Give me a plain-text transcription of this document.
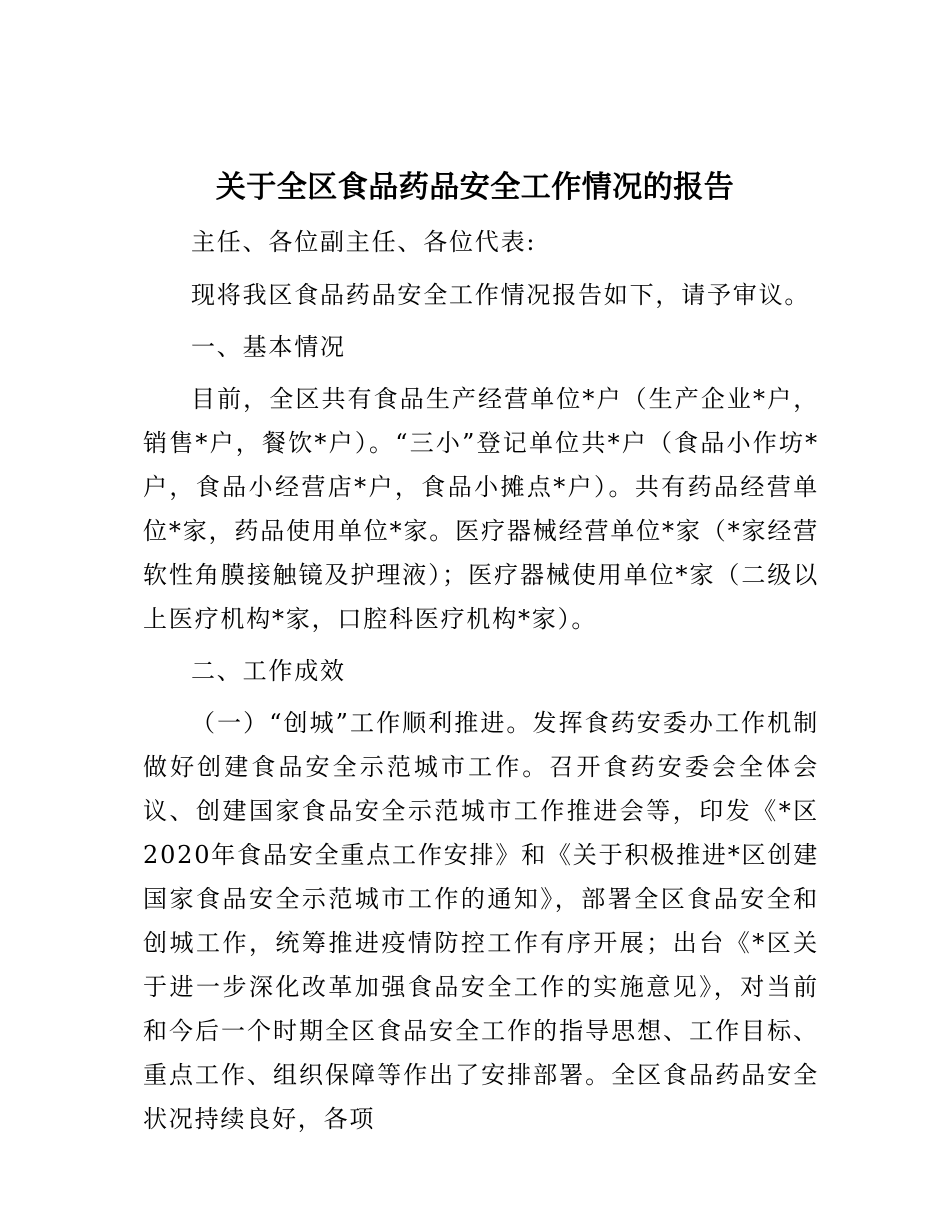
关于全区食品药品安全工作情况的报告

主任、各位副主任、各位代表:

现将我区食品药品安全工作情况报告如下，请予审议。

一、基本情况

目前，全区共有食品生产经营单位*户（生产企业*户，销售*户，餐饮*户）。“三小”登记单位共*户（食品小作坊*户，食品小经营店*户，食品小摊点*户）。共有药品经营单位*家，药品使用单位*家。医疗器械经营单位*家（*家经营软性角膜接触镜及护理液）；医疗器械使用单位*家（二级以上医疗机构*家，口腔科医疗机构*家）。

二、工作成效

（一）“创城”工作顺利推进。发挥食药安委办工作机制做好创建食品安全示范城市工作。召开食药安委会全体会议、创建国家食品安全示范城市工作推进会等，印发《*区2020年食品安全重点工作安排》和《关于积极推进*区创建国家食品安全示范城市工作的通知》，部署全区食品安全和创城工作，统筹推进疫情防控工作有序开展；出台《*区关于进一步深化改革加强食品安全工作的实施意见》，对当前和今后一个时期全区食品安全工作的指导思想、工作目标、重点工作、组织保障等作出了安排部署。全区食品药品安全状况持续良好，各项
